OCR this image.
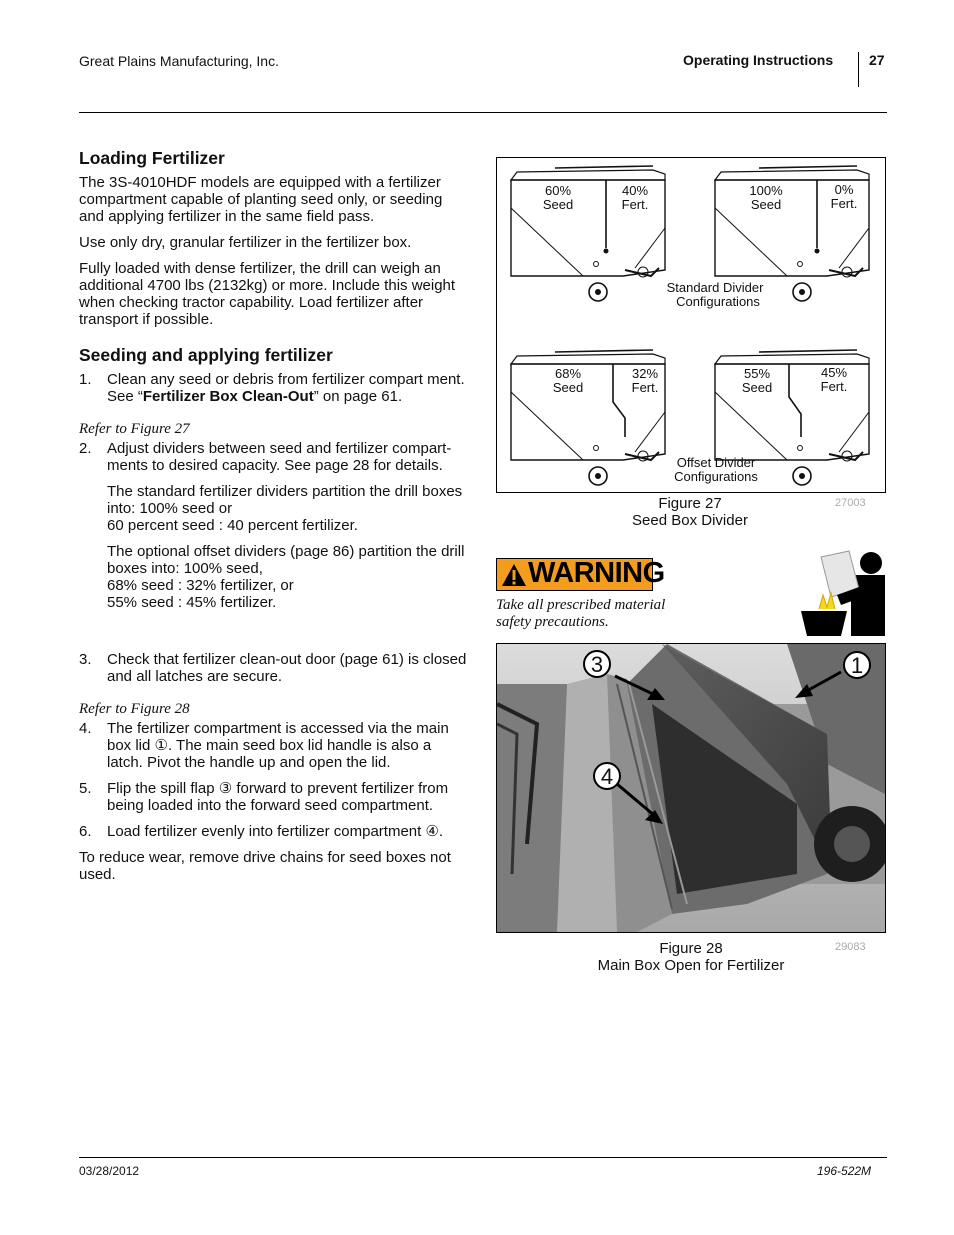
Great Plains Manufacturing, Inc.	Operating Instructions	27
Loading Fertilizer

The 3S-4010HDF models are equipped with a fertilizer compartment capable of planting seed only, or seeding and applying fertilizer in the same field pass.

Use only dry, granular fertilizer in the fertilizer box.

Fully loaded with dense fertilizer, the drill can weigh an additional 4700 lbs (2132kg) or more. Include this weight when checking tractor capability. Load fertilizer after transport if possible.

Seeding and applying fertilizer
1.	Clean any seed or debris from fertilizer compart ment. See “Fertilizer Box Clean-Out” on page 61.
Refer to Figure 27
2.	Adjust dividers between seed and fertilizer compart ments to desired capacity. See page 28 for details.
The standard fertilizer dividers partition the drill boxes into: 100% seed or
60 percent seed : 40 percent fertilizer.
The optional offset dividers (page 86) partition the drill boxes into: 100% seed,
68% seed : 32% fertilizer, or
55% seed : 45% fertilizer.
3.	Check that fertilizer clean-out door (page 61) is closed and all latches are secure.
Refer to Figure 28
4.	The fertilizer compartment is accessed via the main box lid ①. The main seed box lid handle is also a latch. Pivot the handle up and open the lid.
5.	Flip the spill flap ③ forward to prevent fertilizer from being loaded into the forward seed compartment.
6.	Load fertilizer evenly into fertilizer compartment ④.

To reduce wear, remove drive chains for seed boxes not used.

60%
Seed
40%
Fert.
100%
Seed
0%
Fert.
Standard Divider
Configurations
68%
Seed
32%
Fert.
55%
Seed
45%
Fert.
Offset Divider
Configurations
Figure 27
Seed Box Divider
27003
WARNING
Take all prescribed material safety precautions.
3	1
4
Figure 28
Main Box Open for Fertilizer
29083
03/28/2012	196-522M
